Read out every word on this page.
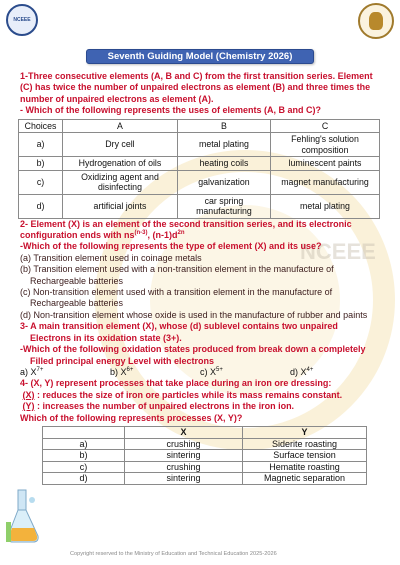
NCEEE
NCEEE
Seventh Guiding Model (Chemistry 2026)
1-Three consecutive elements (A, B and C) from the first transition series. Element
(C) has twice the number of unpaired electrons as element (B) and three times the
number of unpaired electrons as element (A).
- Which of the following represents the uses of elements (A, B and C)?
Choices	A	B	C
a)	Dry cell	metal plating	Fehling's solution composition
b)	Hydrogenation of oils	heating coils	luminescent paints
c)	Oxidizing agent and disinfecting	galvanization	magnet manufacturing
d)	artificial joints	car spring manufacturing	metal plating
2- Element (X) is an element of the second transition series, and its electronic
configuration ends with $ns^{(n-3)}$, $(n-1)d^{2n}$
-Which of the following represents the type of element (X) and its use?
(a) Transition element used in coinage metals
(b) Transition element used with a non-transition element in the manufacture of
Rechargeable batteries
(c) Non-transition element used with a transition element in the manufacture of
Rechargeable batteries
(d) Non-transition element whose oxide is used in the manufacture of rubber and paints
3- A main transition element (X), whose (d) sublevel contains two unpaired
Electrons in its oxidation state (3+).
-Which of the following oxidation states produced from break down a completely
Filled principal energy Level with electrons
a) $X^{7+}$	b) $X^{6+}$	c) $X^{5+}$	d) $X^{4+}$
4- (X, Y) represent processes that take place during an iron ore dressing:
(X) : reduces the size of iron ore particles while its mass remains constant.
(Y) : increases the number of unpaired electrons in the iron ion.
Which of the following represents processes (X, Y)?
	X	Y
a)	crushing	Siderite roasting
b)	sintering	Surface tension
c)	crushing	Hematite roasting
d)	sintering	Magnetic separation
Copyright reserved to the Ministry of Education and Technical Education 2025-2026
